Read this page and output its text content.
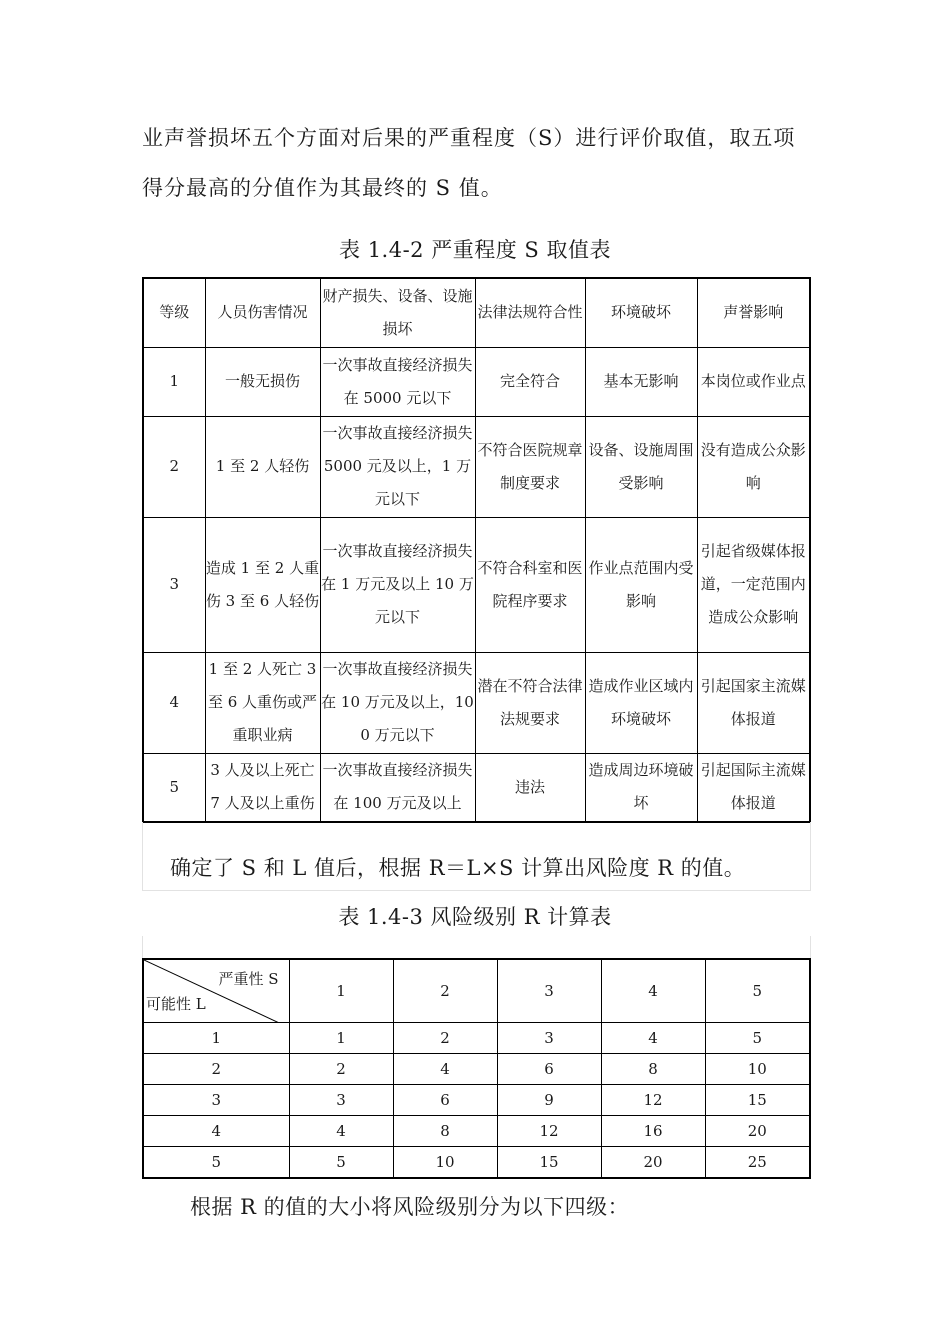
业声誉损坏五个方面对后果的严重程度（S）进行评价取值，取五项
得分最高的分值作为其最终的 S 值。
表 1.4-2 严重程度 S 取值表
等级	人员伤害情况	财产损失、设备、设施损坏	法律法规符合性	环境破坏	声誉影响
1	一般无损伤	一次事故直接经济损失在 5000 元以下	完全符合	基本无影响	本岗位或作业点
2	1 至 2 人轻伤	一次事故直接经济损失 5000 元及以上，1 万元以下	不符合医院规章制度要求	设备、设施周围受影响	没有造成公众影响
3	造成 1 至 2 人重伤 3 至 6 人轻伤	一次事故直接经济损失在 1 万元及以上 10 万元以下	不符合科室和医院程序要求	作业点范围内受影响	引起省级媒体报道，一定范围内造成公众影响
4	1 至 2 人死亡 3 至 6 人重伤或严重职业病	一次事故直接经济损失在 10 万元及以上，100 万元以下	潜在不符合法律法规要求	造成作业区域内环境破坏	引起国家主流媒体报道
5	3 人及以上死亡 7 人及以上重伤	一次事故直接经济损失在 100 万元及以上	违法	造成周边环境破坏	引起国际主流媒体报道
确定了 S 和 L 值后，根据 R＝L×S 计算出风险度 R 的值。
表 1.4-3 风险级别 R 计算表
严重性 S
可能性 L	1	2	3	4	5
1	1	2	3	4	5
2	2	4	6	8	10
3	3	6	9	12	15
4	4	8	12	16	20
5	5	10	15	20	25
根据 R 的值的大小将风险级别分为以下四级：
